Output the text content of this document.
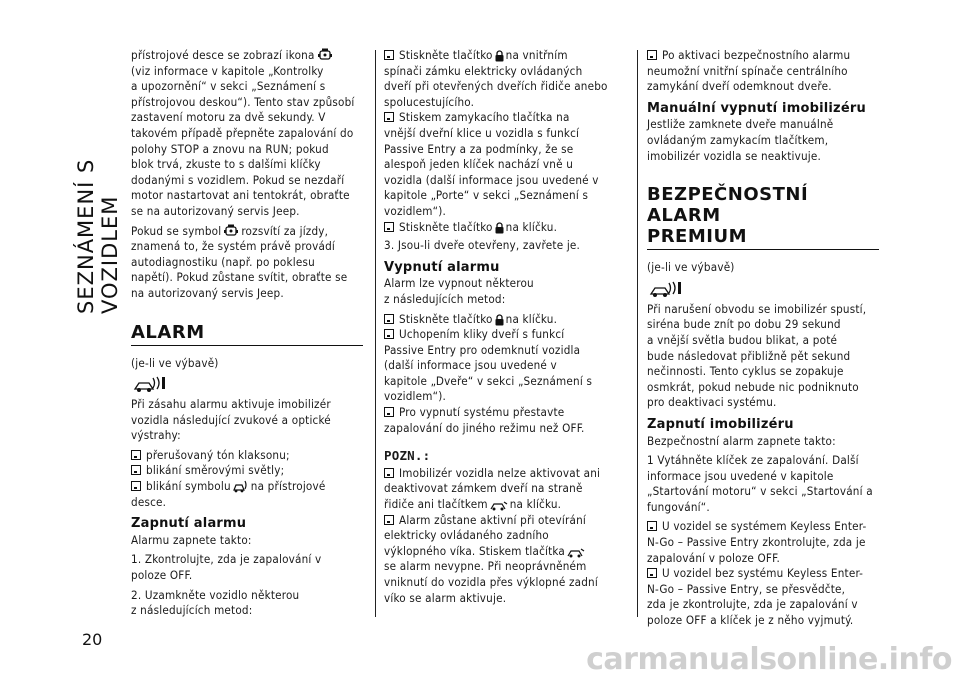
SEZNÁMENÍ S VOZIDLEM
20

přístrojové desce se zobrazí ikona
(viz informace v kapitole „Kontrolky
a upozornění“ v sekci „Seznámení s
přístrojovou deskou“). Tento stav způsobí
zastavení motoru za dvě sekundy. V
takovém případě přepněte zapalování do
polohy STOP a znovu na RUN; pokud
blok trvá, zkuste to s dalšími klíčky
dodanými s vozidlem. Pokud se nezdaří
motor nastartovat ani tentokrát, obraťte
se na autorizovaný servis Jeep.

Pokud se symbol rozsvítí za jízdy,
znamená to, že systém právě provádí
autodiagnostiku (např. po poklesu
napětí). Pokud zůstane svítit, obraťte se
na autorizovaný servis Jeep.

ALARM

(je-li ve výbavě)

Při zásahu alarmu aktivuje imobilizér
vozidla následující zvukové a optické
výstrahy:

přerušovaný tón klaksonu;

blikání směrovými světly;

blikání symbolu na přístrojové
desce.

Zapnutí alarmu

Alarmu zapnete takto:

1. Zkontrolujte, zda je zapalování v
poloze OFF.

2. Uzamkněte vozidlo některou
z následujících metod:

Stiskněte tlačítko na vnitřním
spínači zámku elektricky ovládaných
dveří při otevřených dveřích řidiče anebo
spolucestujícího.

Stiskem zamykacího tlačítka na
vnější dveřní klice u vozidla s funkcí
Passive Entry a za podmínky, že se
alespoň jeden klíček nachází vně u
vozidla (další informace jsou uvedené v
kapitole „Porte“ v sekci „Seznámení s
vozidlem“).

Stiskněte tlačítko na klíčku.

3. Jsou-li dveře otevřeny, zavřete je.

Vypnutí alarmu

Alarm lze vypnout některou
z následujících metod:

Stiskněte tlačítko na klíčku.

Uchopením kliky dveří s funkcí
Passive Entry pro odemknutí vozidla
(další informace jsou uvedené v
kapitole „Dveře“ v sekci „Seznámení s
vozidlem“).

Pro vypnutí systému přestavte
zapalování do jiného režimu než OFF.

POZN.:

Imobilizér vozidla nelze aktivovat ani
deaktivovat zámkem dveří na straně
řidiče ani tlačítkem na klíčku.

Alarm zůstane aktivní při otevírání
elektricky ovládaného zadního
výklopného víka. Stiskem tlačítka
se alarm nevypne. Při neoprávněném
vniknutí do vozidla přes výklopné zadní
víko se alarm aktivuje.

Po aktivaci bezpečnostního alarmu
neumožní vnitřní spínače centrálního
zamykání dveří odemknout dveře.

Manuální vypnutí imobilizéru

Jestliže zamknete dveře manuálně
ovládaným zamykacím tlačítkem,
imobilizér vozidla se neaktivuje.

BEZPEČNOSTNÍ ALARM
PREMIUM

(je-li ve výbavě)

Při narušení obvodu se imobilizér spustí,
siréna bude znít po dobu 29 sekund
a vnější světla budou blikat, a poté
bude následovat přibližně pět sekund
nečinnosti. Tento cyklus se zopakuje
osmkrát, pokud nebude nic podniknuto
pro deaktivaci systému.

Zapnutí imobilizéru

Bezpečnostní alarm zapnete takto:

1 Vytáhněte klíček ze zapalování. Další
informace jsou uvedené v kapitole
„Startování motoru“ v sekci „Startování a
fungování“.

U vozidel se systémem Keyless Enter-
N-Go – Passive Entry zkontrolujte, zda je
zapalování v poloze OFF.

U vozidel bez systému Keyless Enter-
N-Go – Passive Entry, se přesvědčte,
zda je zkontrolujte, zda je zapalování v
poloze OFF a klíček je z něho vyjmutý.

carmanualsonline.info
